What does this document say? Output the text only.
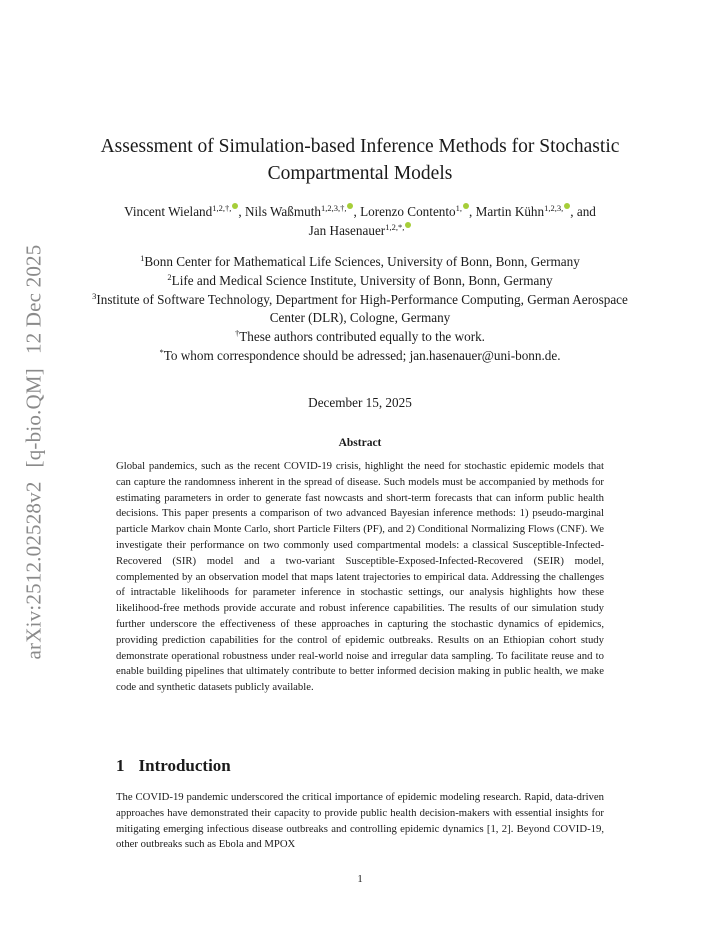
arXiv:2512.02528v2[q-bio.QM]12 Dec 2025
Assessment of Simulation-based Inference Methods for Stochastic Compartmental Models
Vincent Wieland$^{1,2,\dagger,}$ , Nils Waßmuth$^{1,2,3,\dagger,}$ , Lorenzo Contento$^{1,}$ , Martin Kühn$^{1,2,3,}$ , and Jan Hasenauer$^{1,2,*,}$
$^1$Bonn Center for Mathematical Life Sciences, University of Bonn, Bonn, Germany
$^2$Life and Medical Science Institute, University of Bonn, Bonn, Germany
$^3$Institute of Software Technology, Department for High-Performance Computing, German Aerospace Center (DLR), Cologne, Germany
†These authors contributed equally to the work.
*To whom correspondence should be adressed; jan.hasenauer@uni-bonn.de.
December 15, 2025
Abstract
Global pandemics, such as the recent COVID-19 crisis, highlight the need for stochastic epidemic models that can capture the randomness inherent in the spread of disease. Such models must be accompanied by methods for estimating parameters in order to generate fast nowcasts and short-term forecasts that can inform public health decisions. This paper presents a comparison of two advanced Bayesian inference methods: 1) pseudo-marginal particle Markov chain Monte Carlo, short Particle Filters (PF), and 2) Conditional Normalizing Flows (CNF). We investigate their performance on two commonly used compartmental models: a classical Susceptible-Infected-Recovered (SIR) model and a two-variant Susceptible-Exposed-Infected-Recovered (SEIR) model, complemented by an observation model that maps latent trajectories to empirical data. Addressing the challenges of intractable likelihoods for parameter inference in stochastic settings, our analysis highlights how these likelihood-free methods provide accurate and robust inference capabilities. The results of our simulation study further underscore the effectiveness of these approaches in capturing the stochastic dynamics of epidemics, providing prediction capabilities for the control of epidemic outbreaks. Results on an Ethiopian cohort study demonstrate operational robustness under real-world noise and irregular data sampling. To facilitate reuse and to enable building pipelines that ultimately contribute to better informed decision making in public health, we make code and synthetic datasets publicly available.
1 Introduction
The COVID-19 pandemic underscored the critical importance of epidemic modeling research. Rapid, data-driven approaches have demonstrated their capacity to provide public health decision-makers with essential insights for mitigating emerging infectious disease outbreaks and controlling epidemic dynamics [1, 2]. Beyond COVID-19, other outbreaks such as Ebola and MPOX
1
